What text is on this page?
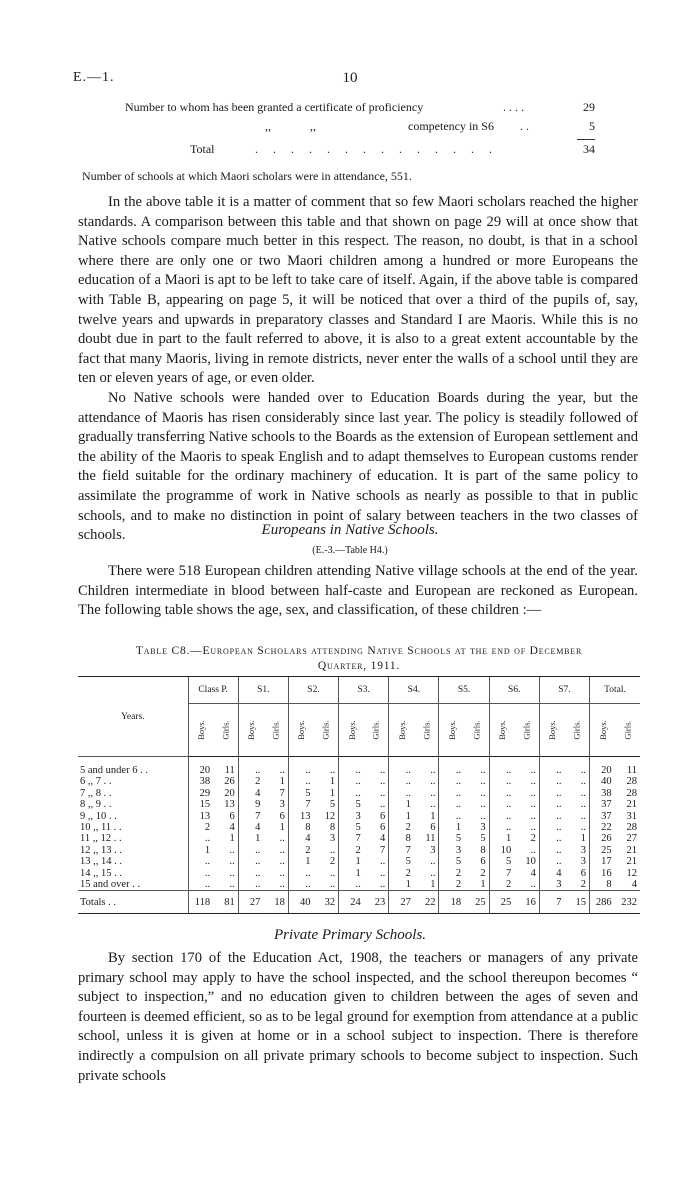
E.—1.	10
Number to whom has been granted a certificate of proficiency	. . . .	29
,,	,,	competency in S6 . .	5
Total	. . . . . . . . . . . . . .	34
Number of schools at which Maori scholars were in attendance, 551.

In the above table it is a matter of comment that so few Maori scholars reached the higher standards. A comparison between this table and that shown on page 29 will at once show that Native schools compare much better in this respect. The reason, no doubt, is that in a school where there are only one or two Maori children among a hundred or more Europeans the education of a Maori is apt to be left to take care of itself. Again, if the above table is compared with Table B, appearing on page 5, it will be noticed that over a third of the pupils of, say, twelve years and upwards in preparatory classes and Standard I are Maoris. While this is no doubt due in part to the fault referred to above, it is also to a great extent accountable by the fact that many Maoris, living in remote districts, never enter the walls of a school until they are ten or eleven years of age, or even older.

No Native schools were handed over to Education Boards during the year, but the attendance of Maoris has risen considerably since last year. The policy is steadily followed of gradually transferring Native schools to the Boards as the extension of European settlement and the ability of the Maoris to speak English and to adapt themselves to European customs render the field suitable for the ordinary machinery of education. It is part of the same policy to assimilate the programme of work in Native schools as nearly as possible to that in public schools, and to make no distinction in point of salary between teachers in the two classes of schools.	Europeans in Native Schools.
(E.-3.—Table H4.)

There were 518 European children attending Native village schools at the end of the year. Children intermediate in blood between half-caste and European are reckoned as European. The following table shows the age, sex, and classification, of these children :—

Table C8.—European Scholars attending Native Schools at the end of December
Quarter, 1911.
Years.	Class P.		S1.		S2.		S3.		S4.		S5.		S6.		S7.		Total.	
	Boys.	Girls.	Boys.	Girls.	Boys.	Girls.	Boys.	Girls.	Boys.	Girls.	Boys.	Girls.	Boys.	Girls.	Boys.	Girls.	Boys.	Girls.
5 and under 6 . .	20	11	..	..	..	..	..	..	..	..	..	..	..	..	..	..	20	11
6 ,, 7 . .	38	26	2	1	..	1	..	..	..	..	..	..	..	..	..	..	40	28
7 ,, 8 . .	29	20	4	7	5	1	..	..	..	..	..	..	..	..	..	..	38	28
8 ,, 9 . .	15	13	9	3	7	5	5	..	1	..	..	..	..	..	..	..	37	21
9 ,, 10 . .	13	6	7	6	13	12	3	6	1	1	..	..	..	..	..	..	37	31
10 ,, 11 . .	2	4	4	1	8	8	5	6	2	6	1	3	..	..	..	..	22	28
11 ,, 12 . .	..	1	1	..	4	3	7	4	8	11	5	5	1	2	..	1	26	27
12 ,, 13 . .	1	..	..	..	2	..	2	7	7	3	3	8	10	..	..	3	25	21
13 ,, 14 . .	..	..	..	..	1	2	1	..	5	..	5	6	5	10	..	3	17	21
14 ,, 15 . .	..	..	..	..	..	..	1	..	2	..	2	2	7	4	4	6	16	12
15 and over . .	..	..	..	..	..	..	..	..	1	1	2	1	2	..	3	2	8	4
Totals . .	118	81	27	18	40	32	24	23	27	22	18	25	25	16	7	15	286	232
Private Primary Schools.

By section 170 of the Education Act, 1908, the teachers or managers of any private primary school may apply to have the school inspected, and the school thereupon becomes “ subject to inspection,” and no education given to children between the ages of seven and fourteen is deemed efficient, so as to be legal ground for exemption from attendance at a public school, unless it is given at home or in a school subject to inspection. There is therefore indirectly a compulsion on all private primary schools to become subject to inspection. Such private schools
